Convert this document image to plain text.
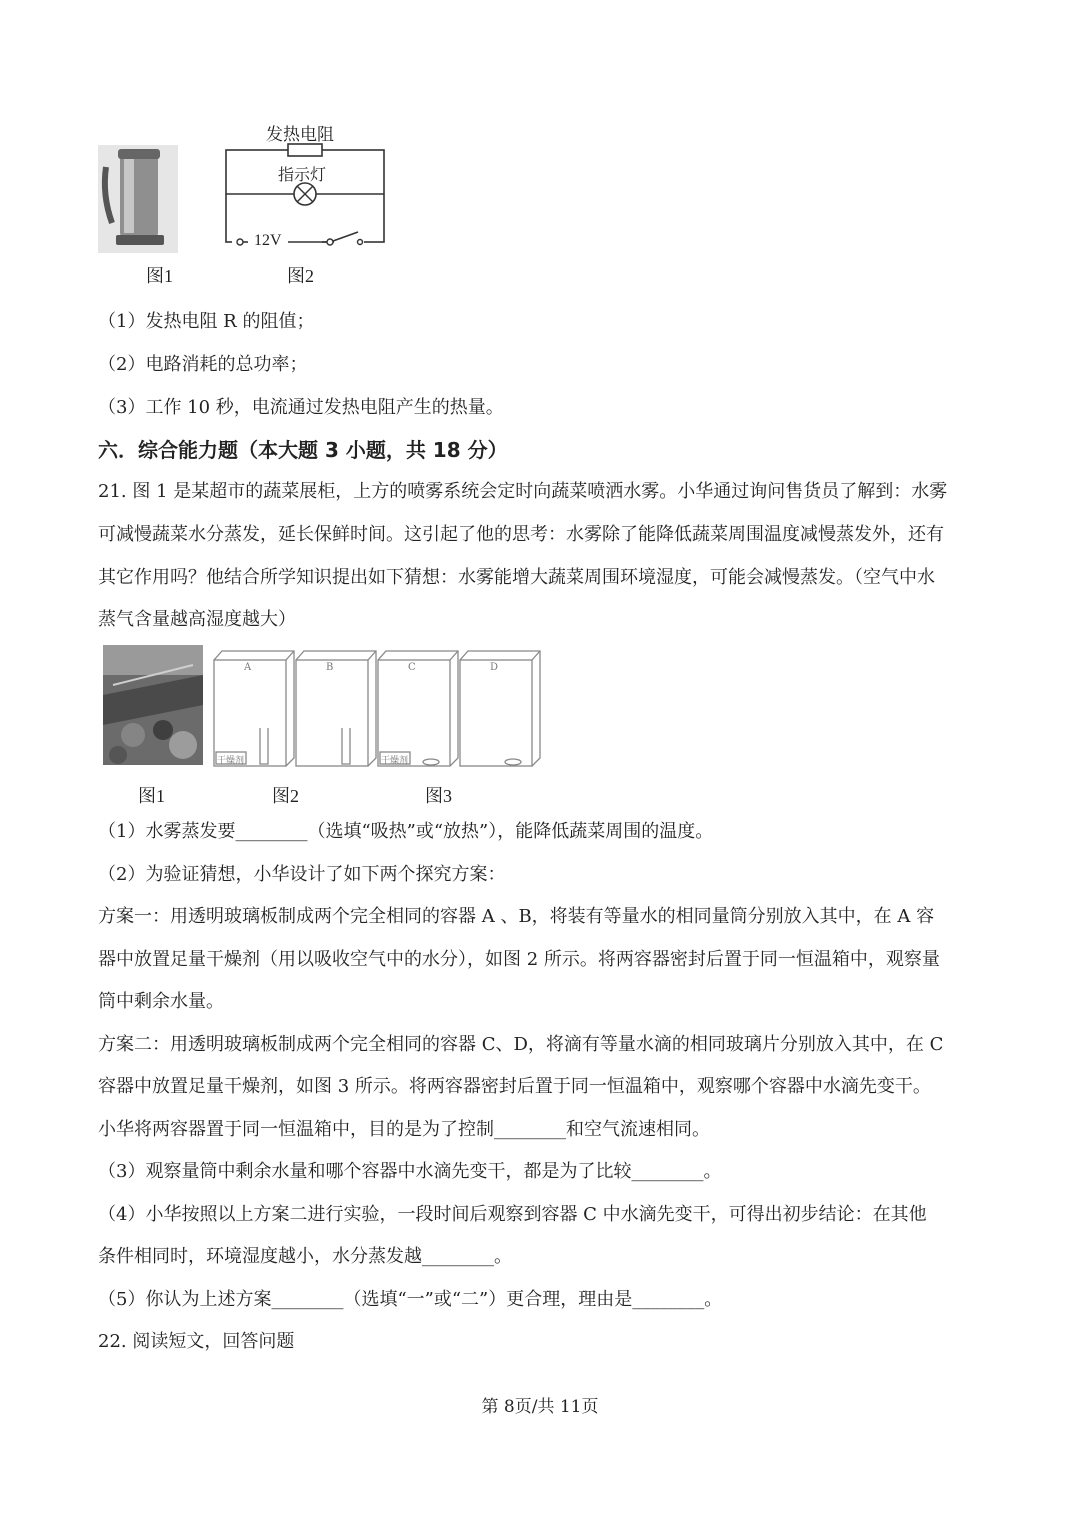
发热电阻
指示灯
12V
图1	图2
（1）发热电阻 R 的阻值；
（2）电路消耗的总功率；
（3）工作 10 秒，电流通过发热电阻产生的热量。
六．综合能力题（本大题 3 小题，共 18 分）
21. 图 1 是某超市的蔬菜展柜，上方的喷雾系统会定时向蔬菜喷洒水雾。小华通过询问售货员了解到：水雾
可减慢蔬菜水分蒸发，延长保鲜时间。这引起了他的思考：水雾除了能降低蔬菜周围温度减慢蒸发外，还有
其它作用吗？他结合所学知识提出如下猜想：水雾能增大蔬菜周围环境湿度，可能会减慢蒸发。（空气中水
蒸气含量越高湿度越大）
A	B	C	D
干燥剂	干燥剂
图1	图2	图3
（1）水雾蒸发要________（选填“吸热”或“放热”），能降低蔬菜周围的温度。
（2）为验证猜想，小华设计了如下两个探究方案：
方案一：用透明玻璃板制成两个完全相同的容器 A 、B，将装有等量水的相同量筒分别放入其中，在 A 容
器中放置足量干燥剂（用以吸收空气中的水分），如图 2 所示。将两容器密封后置于同一恒温箱中，观察量
筒中剩余水量。
方案二：用透明玻璃板制成两个完全相同的容器 C、D，将滴有等量水滴的相同玻璃片分别放入其中，在 C
容器中放置足量干燥剂，如图 3 所示。将两容器密封后置于同一恒温箱中，观察哪个容器中水滴先变干。
小华将两容器置于同一恒温箱中，目的是为了控制________和空气流速相同。
（3）观察量筒中剩余水量和哪个容器中水滴先变干，都是为了比较________。
（4）小华按照以上方案二进行实验，一段时间后观察到容器 C 中水滴先变干，可得出初步结论：在其他
条件相同时，环境湿度越小，水分蒸发越________。
（5）你认为上述方案________（选填“一”或“二”）更合理，理由是________。
22. 阅读短文，回答问题
第 8页/共 11页
